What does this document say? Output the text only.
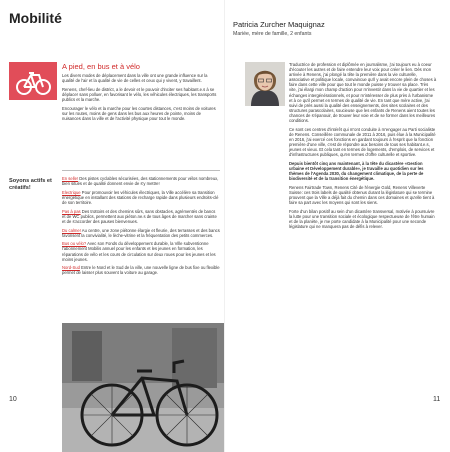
Mobilité
A pied, en bus et à vélo

Les divers modes de déplacement dans la ville ont une grande influence sur la qualité de l'air et la qualité de vie de celles et ceux qui y vivent, y travaillent.

Renens, chef-lieu de district, a le devoir et le pouvoir d'inciter ses habitant.e.s à se déplacer sans polluer, en favorisant le vélo, les véhicules électriques, les transports publics et la marche.

Encourager le vélo et la marche pour les courtes distances, c'est moins de voitures sur les routes, moins de gens dans les bus aux heures de pointe, moins de nuisances dans la ville et de l'activité physique pour tout le monde.

Soyons actifs et créatifs!

En selle! Des pistes cyclables sécurisées, des stationnements pour vélos nombreux, bien situés et de qualité donnent envie de s'y mettre!

Electrique Pour promouvoir les véhicules électriques, la Ville accélère sa transition énergétique en installant des stations de recharge rapide dans plusieurs endroits-clé de son territoire.

Pas à pas Des trottoirs et des chemins sûrs, sans obstacles, agrémentés de bancs et de WC publics, permettent aux piéton.ne.s de tous âges de marcher sans crainte et de s'accorder des pauses bienvenues.

Du calme! Au centre, une zone piétonne élargie et fleurie, des terrasses et des bancs favorisent la convivialité, le lèche-vitrine et la fréquentation des petits commerces.

Bus ou vélo? Avec son Fonds du développement durable, la Ville subventionne l'abonnement Mobilis annuel pour les enfants et les jeunes en formation, les réparations de vélo et les cours de circulation sur deux roues pour les jeunes et les moins jeunes.

Nord-Sud Entre le Nord et le Sud de la ville, une nouvelle ligne de bus fixe ou flexible permet de laisser plus souvent la voiture au garage.

10
Patricia Zurcher Maquignaz
Mariée, mère de famille, 2 enfants

Traductrice de profession et diplômée en journalisme, j'ai toujours eu à coeur d'écouter les autres et de faire entendre leur voix pour créer le lien. Dès mon arrivée à Renens, j'ai plongé la tête la première dans la vie culturelle, associative et politique locale, convaincue qu'il y avait encore plein de choses à faire dans cette ville pour que tout le monde puisse y trouver sa place. Très vite, j'ai élargi mon champ d'action pour m'investir dans la vie de quartier et les échanges intergénérationnels, et pour m'intéresser de plus près à l'urbanisme et à ce qu'il permet en termes de qualité de vie. En tant que mère active, j'ai suivi de près aussi la qualité des enseignements, des sites scolaires et des structures parascolaires, soucieuse que les enfants de Renens aient toutes les chances de s'épanouir, de trouver leur voie et de se former dans les meilleures conditions.

Ce sont ces centres d'intérêt qui m'ont conduite à m'engager au Parti socialiste de Renens. Conseillère communale de 2011 à 2016, puis élue à la Municipalité en 2016, j'ai exercé ces fonctions en gardant toujours à l'esprit que la fonction première d'une ville, c'est de répondre aux besoins de tous ses habitant.e.s, jeunes et vieux. Et cela tant en termes de logements, d'emplois, de services et d'infrastructures publiques, qu'en termes d'offre culturelle et sportive.

Depuis bientôt cinq ans maintenant, à la tête du dicastère «Gestion urbaine et Développement durable», je travaille au quotidien sur les thèmes de l'Agenda 2030, du changement climatique, de la perte de biodiversité et de la transition énergétique.

Renens Fairtrade Town, Renens Cité de l'énergie Gold, Renens Villeverte Suisse: ces trois labels de qualité obtenus durant la législature qui se termine prouvent que la Ville a déjà fait du chemin dans ces domaines et qu'elle tient à faire sa part avec les moyens qui sont les siens.

Forte d'un bilan positif au sein d'un dicastère transversal, motivée à poursuivre la lutte pour une transition sociale et écologique respectueuse de l'être humain et de la planète, je me porte candidate à la Municipalité pour une seconde législature qui ne manquera pas de défis à relever.

11
